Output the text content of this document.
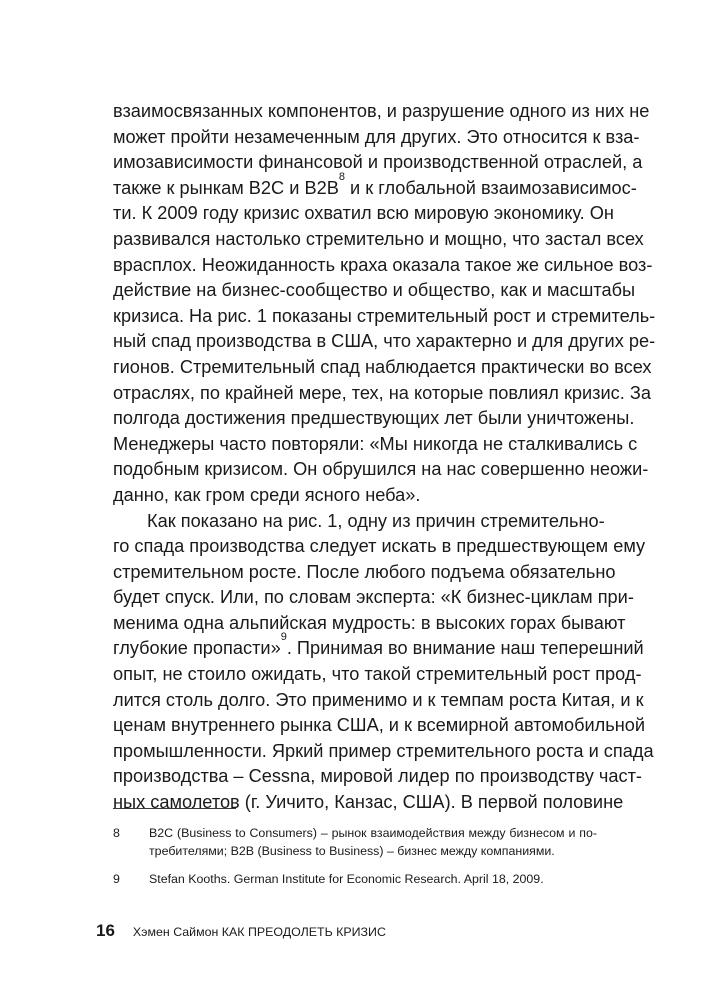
взаимосвязанных компонентов, и разрушение одного из них не
может пройти незамеченным для других. Это относится к вза-
имозависимости финансовой и производственной отраслей, а
также к рынкам B2C и $B2B^8$ и к глобальной взаимозависимос-
ти. К 2009 году кризис охватил всю мировую экономику. Он
развивался настолько стремительно и мощно, что застал всех
врасплох. Неожиданность краха оказала такое же сильное воз-
действие на бизнес-сообщество и общество, как и масштабы
кризиса. На рис. 1 показаны стремительный рост и стремитель-
ный спад производства в США, что характерно и для других ре-
гионов. Стремительный спад наблюдается практически во всех
отраслях, по крайней мере, тех, на которые повлиял кризис. За
полгода достижения предшествующих лет были уничтожены.
Менеджеры часто повторяли: «Мы никогда не сталкивались с
подобным кризисом. Он обрушился на нас совершенно неожи-
данно, как гром среди ясного неба».
Как показано на рис. 1, одну из причин стремительно-
го спада производства следует искать в предшествующем ему
стремительном росте. После любого подъема обязательно
будет спуск. Или, по словам эксперта: «К бизнес-циклам при-
менима одна альпийская мудрость: в высоких горах бывают
глубокие пропасти»$^9$. Принимая во внимание наш теперешний
опыт, не стоило ожидать, что такой стремительный рост прод-
лится столь долго. Это применимо и к темпам роста Китая, и к
ценам внутреннего рынка США, и к всемирной автомобильной
промышленности. Яркий пример стремительного роста и спада
производства – Cessna, мировой лидер по производству част-
ных самолетов (г. Уичито, Канзас, США). В первой половине
8	B2C (Business to Consumers) – рынок взаимодействия между бизнесом и по-
требителями; B2B (Business to Business) – бизнес между компаниями.
9	Stefan Kooths. German Institute for Economic Research. April 18, 2009.
16 Хэмен Саймон КАК ПРЕОДОЛЕТЬ КРИЗИС
